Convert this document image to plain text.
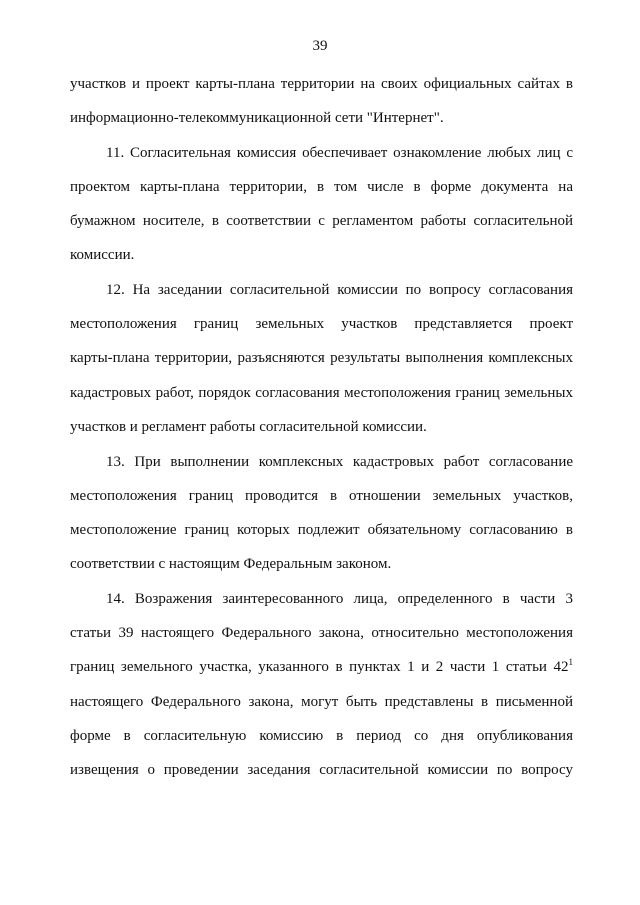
39
участков и проект карты-плана территории на своих официальных сайтах в
информационно-телекоммуникационной сети "Интернет".
11. Согласительная комиссия обеспечивает ознакомление любых лиц с
проектом карты-плана территории, в том числе в форме документа на
бумажном носителе, в соответствии с регламентом работы согласительной
комиссии.
12. На заседании согласительной комиссии по вопросу согласования
местоположения границ земельных участков представляется проект
карты-плана территории, разъясняются результаты выполнения комплексных
кадастровых работ, порядок согласования местоположения границ земельных
участков и регламент работы согласительной комиссии.
13. При выполнении комплексных кадастровых работ согласование
местоположения границ проводится в отношении земельных участков,
местоположение границ которых подлежит обязательному согласованию в
соответствии с настоящим Федеральным законом.
14. Возражения заинтересованного лица, определенного в части 3
статьи 39 настоящего Федерального закона, относительно местоположения
границ земельного участка, указанного в пунктах 1 и 2 части 1 статьи $42^1$
настоящего Федерального закона, могут быть представлены в письменной
форме в согласительную комиссию в период со дня опубликования
извещения о проведении заседания согласительной комиссии по вопросу
